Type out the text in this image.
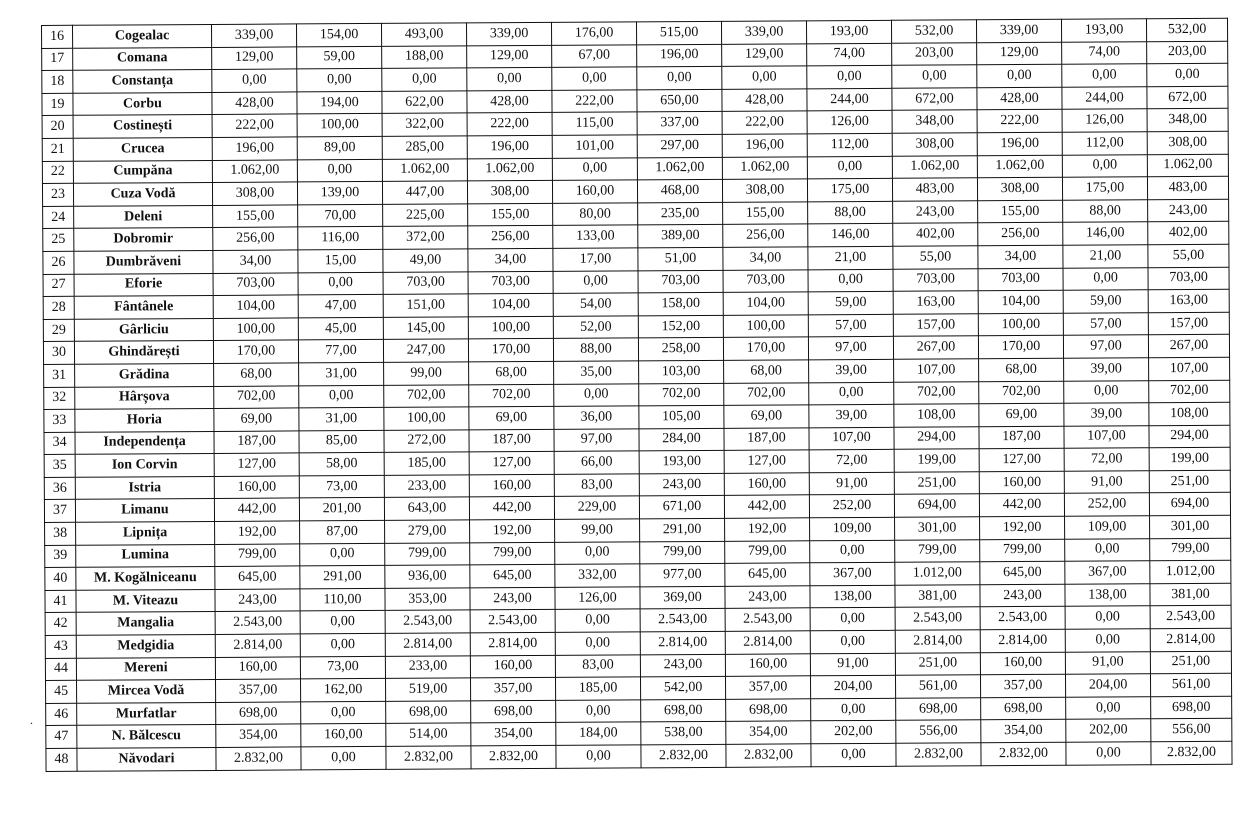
16	Cogealac	339,00	154,00	493,00	339,00	176,00	515,00	339,00	193,00	532,00	339,00	193,00	532,00
17	Comana	129,00	59,00	188,00	129,00	67,00	196,00	129,00	74,00	203,00	129,00	74,00	203,00
18	Constanța	0,00	0,00	0,00	0,00	0,00	0,00	0,00	0,00	0,00	0,00	0,00	0,00
19	Corbu	428,00	194,00	622,00	428,00	222,00	650,00	428,00	244,00	672,00	428,00	244,00	672,00
20	Costinești	222,00	100,00	322,00	222,00	115,00	337,00	222,00	126,00	348,00	222,00	126,00	348,00
21	Crucea	196,00	89,00	285,00	196,00	101,00	297,00	196,00	112,00	308,00	196,00	112,00	308,00
22	Cumpăna	1.062,00	0,00	1.062,00	1.062,00	0,00	1.062,00	1.062,00	0,00	1.062,00	1.062,00	0,00	1.062,00
23	Cuza Vodă	308,00	139,00	447,00	308,00	160,00	468,00	308,00	175,00	483,00	308,00	175,00	483,00
24	Deleni	155,00	70,00	225,00	155,00	80,00	235,00	155,00	88,00	243,00	155,00	88,00	243,00
25	Dobromir	256,00	116,00	372,00	256,00	133,00	389,00	256,00	146,00	402,00	256,00	146,00	402,00
26	Dumbrăveni	34,00	15,00	49,00	34,00	17,00	51,00	34,00	21,00	55,00	34,00	21,00	55,00
27	Eforie	703,00	0,00	703,00	703,00	0,00	703,00	703,00	0,00	703,00	703,00	0,00	703,00
28	Fântânele	104,00	47,00	151,00	104,00	54,00	158,00	104,00	59,00	163,00	104,00	59,00	163,00
29	Gârliciu	100,00	45,00	145,00	100,00	52,00	152,00	100,00	57,00	157,00	100,00	57,00	157,00
30	Ghindărești	170,00	77,00	247,00	170,00	88,00	258,00	170,00	97,00	267,00	170,00	97,00	267,00
31	Grădina	68,00	31,00	99,00	68,00	35,00	103,00	68,00	39,00	107,00	68,00	39,00	107,00
32	Hârșova	702,00	0,00	702,00	702,00	0,00	702,00	702,00	0,00	702,00	702,00	0,00	702,00
33	Horia	69,00	31,00	100,00	69,00	36,00	105,00	69,00	39,00	108,00	69,00	39,00	108,00
34	Independența	187,00	85,00	272,00	187,00	97,00	284,00	187,00	107,00	294,00	187,00	107,00	294,00
35	Ion Corvin	127,00	58,00	185,00	127,00	66,00	193,00	127,00	72,00	199,00	127,00	72,00	199,00
36	Istria	160,00	73,00	233,00	160,00	83,00	243,00	160,00	91,00	251,00	160,00	91,00	251,00
37	Limanu	442,00	201,00	643,00	442,00	229,00	671,00	442,00	252,00	694,00	442,00	252,00	694,00
38	Lipnița	192,00	87,00	279,00	192,00	99,00	291,00	192,00	109,00	301,00	192,00	109,00	301,00
39	Lumina	799,00	0,00	799,00	799,00	0,00	799,00	799,00	0,00	799,00	799,00	0,00	799,00
40	M. Kogălniceanu	645,00	291,00	936,00	645,00	332,00	977,00	645,00	367,00	1.012,00	645,00	367,00	1.012,00
41	M. Viteazu	243,00	110,00	353,00	243,00	126,00	369,00	243,00	138,00	381,00	243,00	138,00	381,00
42	Mangalia	2.543,00	0,00	2.543,00	2.543,00	0,00	2.543,00	2.543,00	0,00	2.543,00	2.543,00	0,00	2.543,00
43	Medgidia	2.814,00	0,00	2.814,00	2.814,00	0,00	2.814,00	2.814,00	0,00	2.814,00	2.814,00	0,00	2.814,00
44	Mereni	160,00	73,00	233,00	160,00	83,00	243,00	160,00	91,00	251,00	160,00	91,00	251,00
45	Mircea Vodă	357,00	162,00	519,00	357,00	185,00	542,00	357,00	204,00	561,00	357,00	204,00	561,00
46	Murfatlar	698,00	0,00	698,00	698,00	0,00	698,00	698,00	0,00	698,00	698,00	0,00	698,00
47	N. Bălcescu	354,00	160,00	514,00	354,00	184,00	538,00	354,00	202,00	556,00	354,00	202,00	556,00
48	Năvodari	2.832,00	0,00	2.832,00	2.832,00	0,00	2.832,00	2.832,00	0,00	2.832,00	2.832,00	0,00	2.832,00
.
